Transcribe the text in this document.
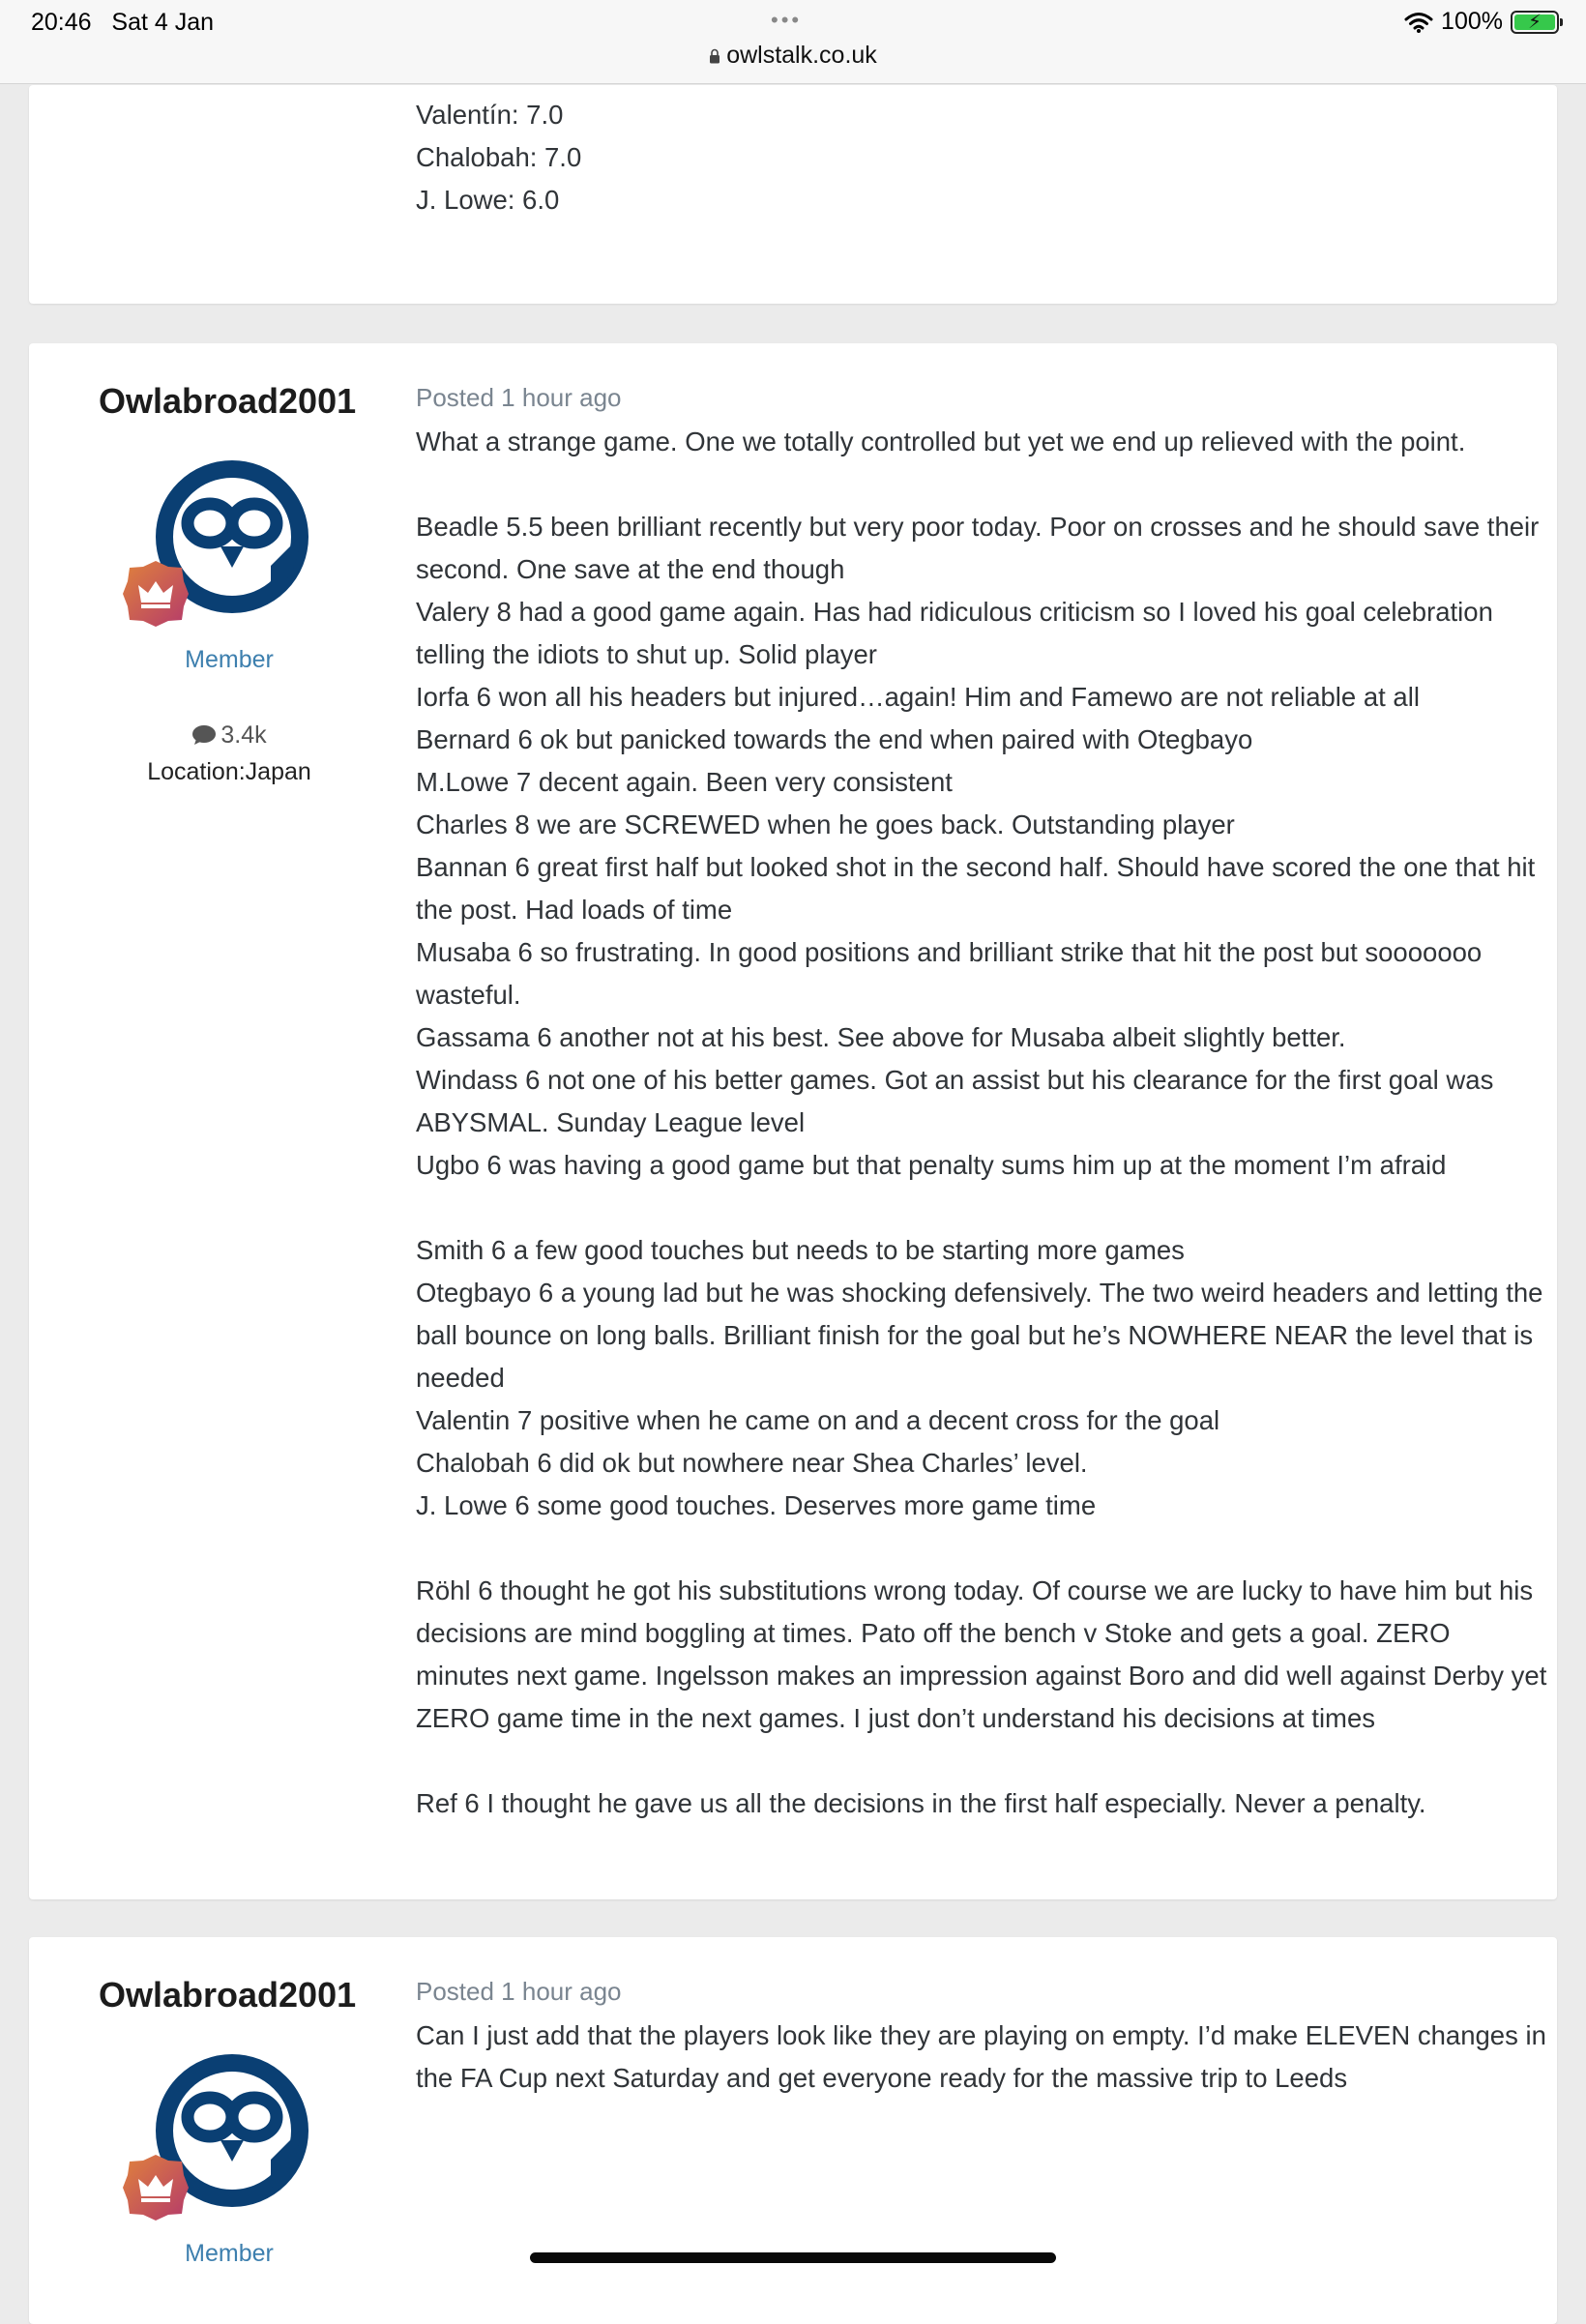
20:46 Sat 4 Jan	•••
owlstalk.co.uk
100% ⚡

Valentín: 7.0

Chalobah: 7.0

J. Lowe: 6.0

Owlabroad2001
Member
3.4k
Location:Japan
Posted 1 hour ago

What a strange game. One we totally controlled but yet we end up relieved with the point.

Beadle 5.5 been brilliant recently but very poor today. Poor on crosses and he should save their second. One save at the end though

Valery 8 had a good game again. Has had ridiculous criticism so I loved his goal celebration telling the idiots to shut up. Solid player

Iorfa 6 won all his headers but injured…again! Him and Famewo are not reliable at all

Bernard 6 ok but panicked towards the end when paired with Otegbayo

M.Lowe 7 decent again. Been very consistent

Charles 8 we are SCREWED when he goes back. Outstanding player

Bannan 6 great first half but looked shot in the second half. Should have scored the one that hit the post. Had loads of time

Musaba 6 so frustrating. In good positions and brilliant strike that hit the post but sooooooo wasteful.

Gassama 6 another not at his best. See above for Musaba albeit slightly better.

Windass 6 not one of his better games. Got an assist but his clearance for the first goal was ABYSMAL. Sunday League level

Ugbo 6 was having a good game but that penalty sums him up at the moment I’m afraid

Smith 6 a few good touches but needs to be starting more games

Otegbayo 6 a young lad but he was shocking defensively. The two weird headers and letting the ball bounce on long balls. Brilliant finish for the goal but he’s NOWHERE NEAR the level that is needed

Valentin 7 positive when he came on and a decent cross for the goal

Chalobah 6 did ok but nowhere near Shea Charles’ level.

J. Lowe 6 some good touches. Deserves more game time

Röhl 6 thought he got his substitutions wrong today. Of course we are lucky to have him but his decisions are mind boggling at times. Pato off the bench v Stoke and gets a goal. ZERO minutes next game. Ingelsson makes an impression against Boro and did well against Derby yet ZERO game time in the next games. I just don’t understand his decisions at times

Ref 6 I thought he gave us all the decisions in the first half especially. Never a penalty.

Owlabroad2001
Member
Posted 1 hour ago

Can I just add that the players look like they are playing on empty. I’d make ELEVEN changes in the FA Cup next Saturday and get everyone ready for the massive trip to Leeds
